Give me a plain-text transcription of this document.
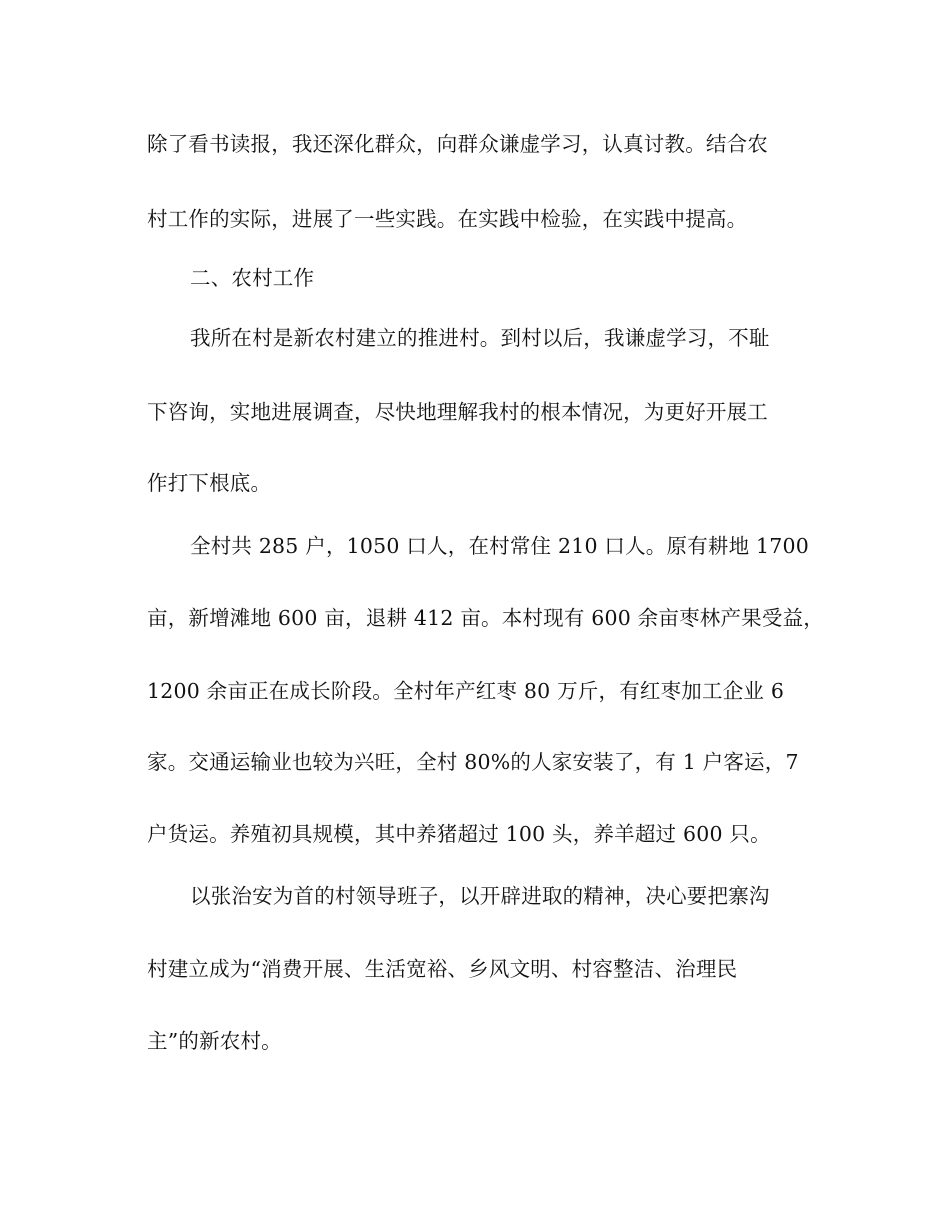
除了看书读报，我还深化群众，向群众谦虚学习，认真讨教。结合农
村工作的实际，进展了一些实践。在实践中检验，在实践中提高。
二、农村工作
我所在村是新农村建立的推进村。到村以后，我谦虚学习，不耻
下咨询，实地进展调查，尽快地理解我村的根本情况，为更好开展工
作打下根底。
全村共 285 户，1050 口人，在村常住 210 口人。原有耕地 1700
亩，新增滩地 600 亩，退耕 412 亩。本村现有 600 余亩枣林产果受益，
1200 余亩正在成长阶段。全村年产红枣 80 万斤，有红枣加工企业 6
家。交通运输业也较为兴旺，全村 80%的人家安装了，有 1 户客运，7
户货运。养殖初具规模，其中养猪超过 100 头，养羊超过 600 只。
以张治安为首的村领导班子，以开辟进取的精神，决心要把寨沟
村建立成为“消费开展、生活宽裕、乡风文明、村容整洁、治理民
主”的新农村。
